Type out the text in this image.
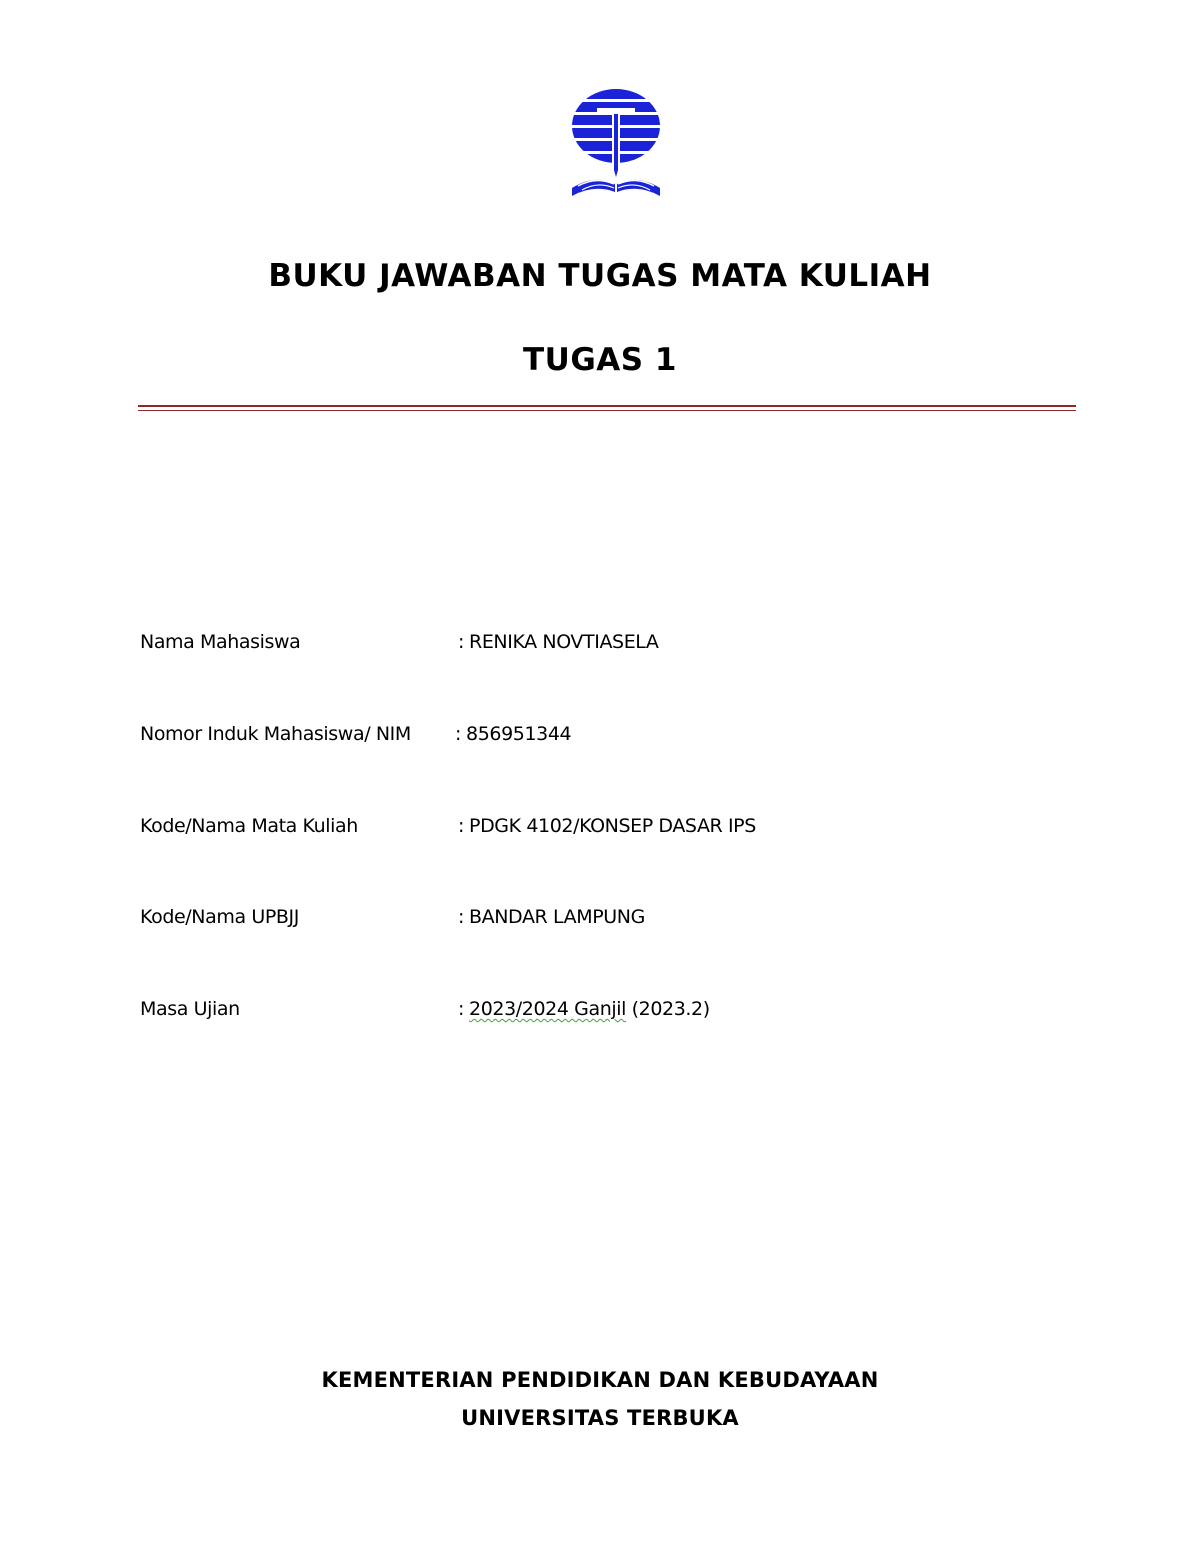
BUKU JAWABAN TUGAS MATA KULIAH
TUGAS 1
Nama Mahasiswa	: RENIKA NOVTIASELA
Nomor Induk Mahasiswa/ NIM : 856951344
Kode/Nama Mata Kuliah	: PDGK 4102/KONSEP DASAR IPS
Kode/Nama UPBJJ	: BANDAR LAMPUNG
Masa Ujian	: 2023/2024 Ganjil (2023.2)
KEMENTERIAN PENDIDIKAN DAN KEBUDAYAAN
UNIVERSITAS TERBUKA
